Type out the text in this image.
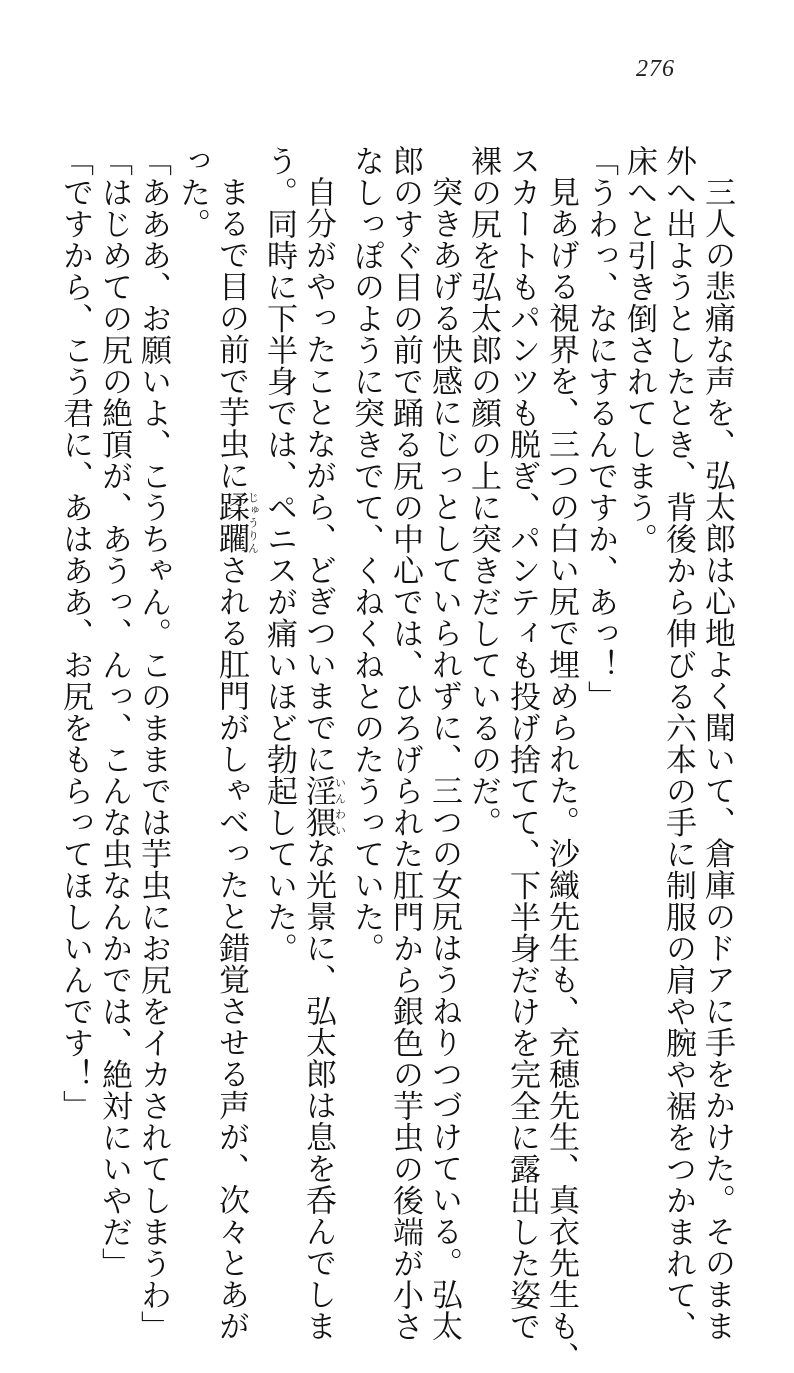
276

三人の悲痛な声を、弘太郎は心地よく聞いて、倉庫のドアに手をかけた。そのまま

外へ出ようとしたとき、背後から伸びる六本の手に制服の肩や腕や裾をつかまれて、

床へと引き倒されてしまう。

「うわっ、なにするんですか、あっ！」

見あげる視界を、三つの白い尻で埋められた。沙織先生も、充穂先生、真衣先生も、

スカートもパンツも脱ぎ、パンティも投げ捨てて、下半身だけを完全に露出した姿で

裸の尻を弘太郎の顔の上に突きだしているのだ。

突きあげる快感にじっとしていられずに、三つの女尻はうねりつづけている。弘太

郎のすぐ目の前で踊る尻の中心では、ひろげられた肛門から銀色の芋虫の後端が小さ

なしっぽのように突きでて、くねくねとのたうっていた。

自分がやったことながら、どぎついまでに淫猥いんわいな光景に、弘太郎は息を呑んでしま

う。同時に下半身では、ペニスが痛いほど勃起していた。

まるで目の前で芋虫に蹂躙じゅうりんされる肛門がしゃべったと錯覚させる声が、次々とあが

った。

「あああ、お願いよ、こうちゃん。このままでは芋虫にお尻をイカされてしまうわ」

「はじめての尻の絶頂が、あうっ、んっ、こんな虫なんかでは、絶対にいやだ」

「ですから、こう君に、あはああ、お尻をもらってほしいんです！」
